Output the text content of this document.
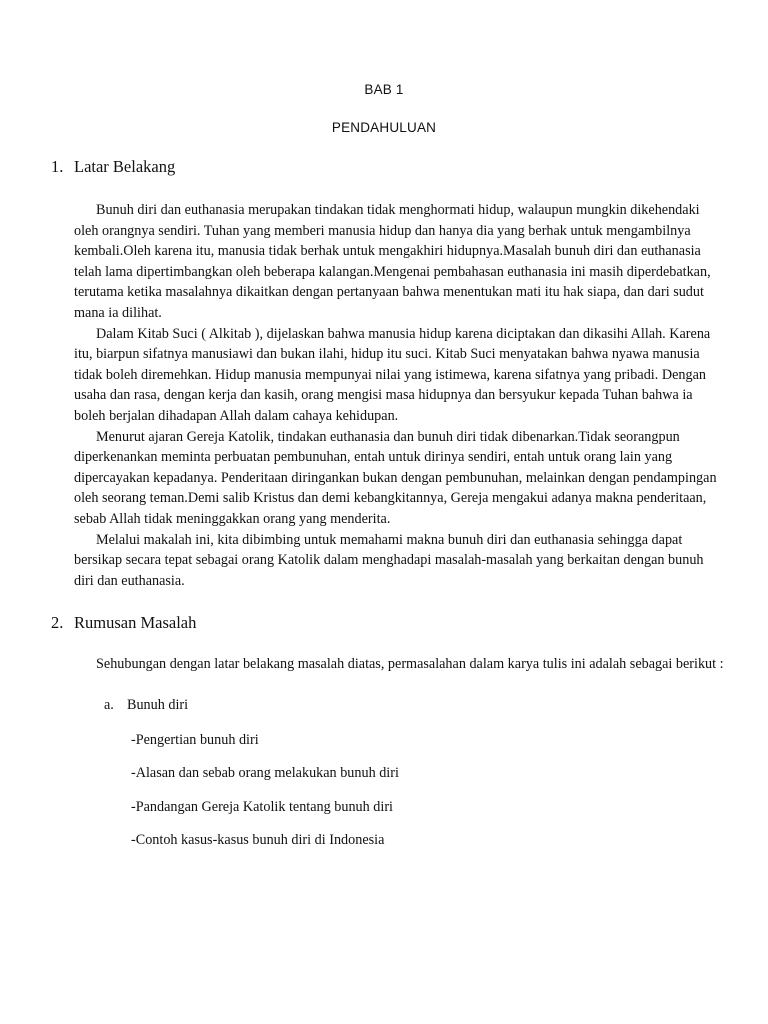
BAB 1
PENDAHULUAN
1. Latar Belakang

Bunuh diri dan euthanasia merupakan tindakan tidak menghormati hidup, walaupun mungkin dikehendaki oleh orangnya sendiri. Tuhan yang memberi manusia hidup dan hanya dia yang berhak untuk mengambilnya kembali.Oleh karena itu, manusia tidak berhak untuk mengakhiri hidupnya.Masalah bunuh diri dan euthanasia telah lama dipertimbangkan oleh beberapa kalangan.Mengenai pembahasan euthanasia ini masih diperdebatkan, terutama ketika masalahnya dikaitkan dengan pertanyaan bahwa menentukan mati itu hak siapa, dan dari sudut mana ia dilihat.

Dalam Kitab Suci ( Alkitab ), dijelaskan bahwa manusia hidup karena diciptakan dan dikasihi Allah. Karena itu, biarpun sifatnya manusiawi dan bukan ilahi, hidup itu suci. Kitab Suci menyatakan bahwa nyawa manusia tidak boleh diremehkan. Hidup manusia mempunyai nilai yang istimewa, karena sifatnya yang pribadi. Dengan usaha dan rasa, dengan kerja dan kasih, orang mengisi masa hidupnya dan bersyukur kepada Tuhan bahwa ia boleh berjalan dihadapan Allah dalam cahaya kehidupan.

Menurut ajaran Gereja Katolik, tindakan euthanasia dan bunuh diri tidak dibenarkan.Tidak seorangpun diperkenankan meminta perbuatan pembunuhan, entah untuk dirinya sendiri, entah untuk orang lain yang dipercayakan kepadanya. Penderitaan diringankan bukan dengan pembunuhan, melainkan dengan pendampingan oleh seorang teman.Demi salib Kristus dan demi kebangkitannya, Gereja mengakui adanya makna penderitaan, sebab Allah tidak meninggakkan orang yang menderita.

Melalui makalah ini, kita dibimbing untuk memahami makna bunuh diri dan euthanasia sehingga dapat bersikap secara tepat sebagai orang Katolik dalam menghadapi masalah-masalah yang berkaitan dengan bunuh diri dan euthanasia.

2. Rumusan Masalah

Sehubungan dengan latar belakang masalah diatas, permasalahan dalam karya tulis ini adalah sebagai berikut :

a. Bunuh diri
-Pengertian bunuh diri
-Alasan dan sebab orang melakukan bunuh diri
-Pandangan Gereja Katolik tentang bunuh diri
-Contoh kasus-kasus bunuh diri di Indonesia
